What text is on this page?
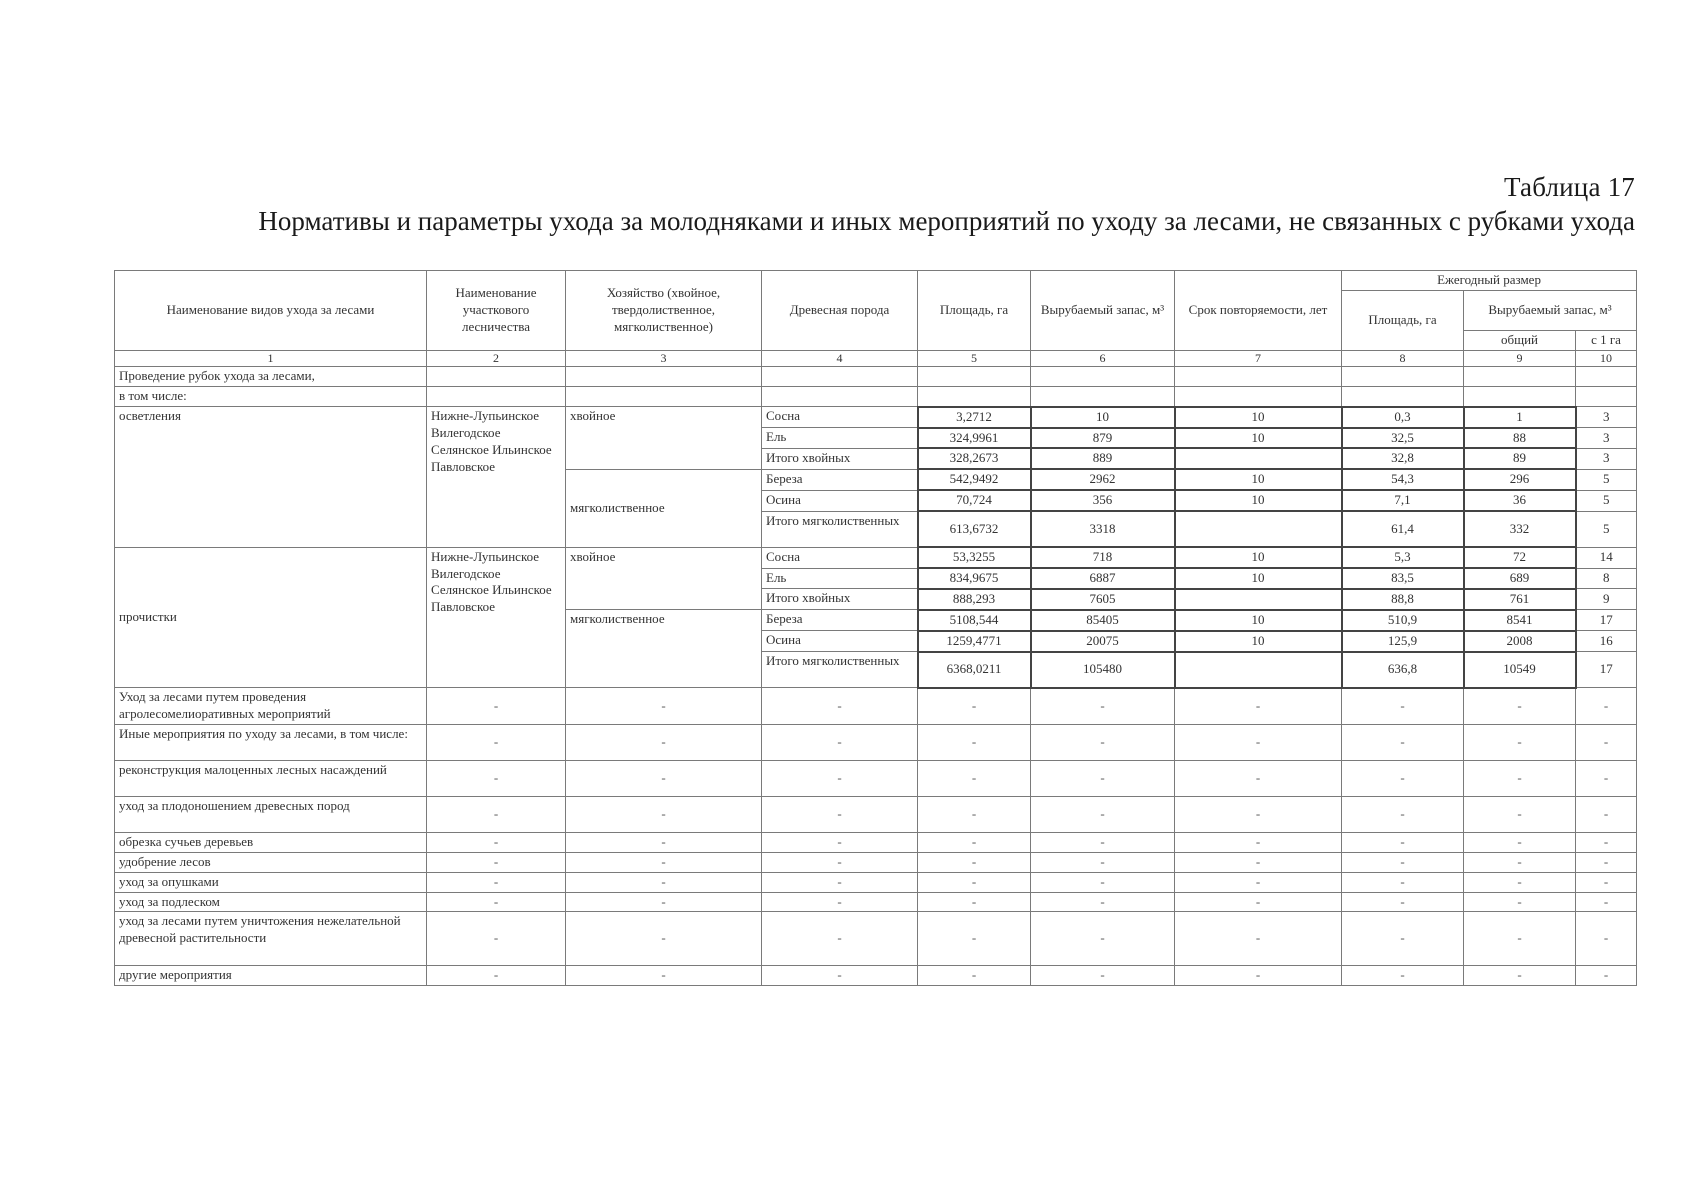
Таблица 17
Нормативы и параметры ухода за молодняками и иных мероприятий по уходу за лесами, не связанных с рубками ухода
Наименование видов ухода за лесами	Наименование участкового лесничества	Хозяйство (хвойное, твердолиственное, мягколиственное)	Древесная порода	Площадь, га	Вырубаемый запас, м³	Срок повторяемости, лет	Ежегодный размер		
							Площадь, га	Вырубаемый запас, м³	
								общий	с 1 га
1	2	3	4	5	6	7	8	9	10
Проведение рубок ухода за лесами,									
в том числе:									
осветления	Нижне-Лупьинское Вилегодское Селянское Ильинское Павловское	хвойное	Сосна	3,2712	10	10	0,3	1	3
			Ель	324,9961	879	10	32,5	88	3
			Итого хвойных	328,2673	889		32,8	89	3
		мягколиственное	Береза	542,9492	2962	10	54,3	296	5
			Осина	70,724	356	10	7,1	36	5
			Итого мягколиственных	613,6732	3318		61,4	332	5
прочистки	Нижне-Лупьинское Вилегодское Селянское Ильинское Павловское	хвойное	Сосна	53,3255	718	10	5,3	72	14
			Ель	834,9675	6887	10	83,5	689	8
			Итого хвойных	888,293	7605		88,8	761	9
		мягколиственное	Береза	5108,544	85405	10	510,9	8541	17
			Осина	1259,4771	20075	10	125,9	2008	16
			Итого мягколиственных	6368,0211	105480		636,8	10549	17
Уход за лесами путем проведения агролесомелиоративных мероприятий	-	-	-	-	-	-	-	-	-
Иные мероприятия по уходу за лесами, в том числе:	-	-	-	-	-	-	-	-	-
реконструкция малоценных лесных насаждений	-	-	-	-	-	-	-	-	-
уход за плодоношением древесных пород	-	-	-	-	-	-	-	-	-
обрезка сучьев деревьев	-	-	-	-	-	-	-	-	-
удобрение лесов	-	-	-	-	-	-	-	-	-
уход за опушками	-	-	-	-	-	-	-	-	-
уход за подлеском	-	-	-	-	-	-	-	-	-
уход за лесами путем уничтожения нежелательной древесной растительности	-	-	-	-	-	-	-	-	-
другие мероприятия	-	-	-	-	-	-	-	-	-
